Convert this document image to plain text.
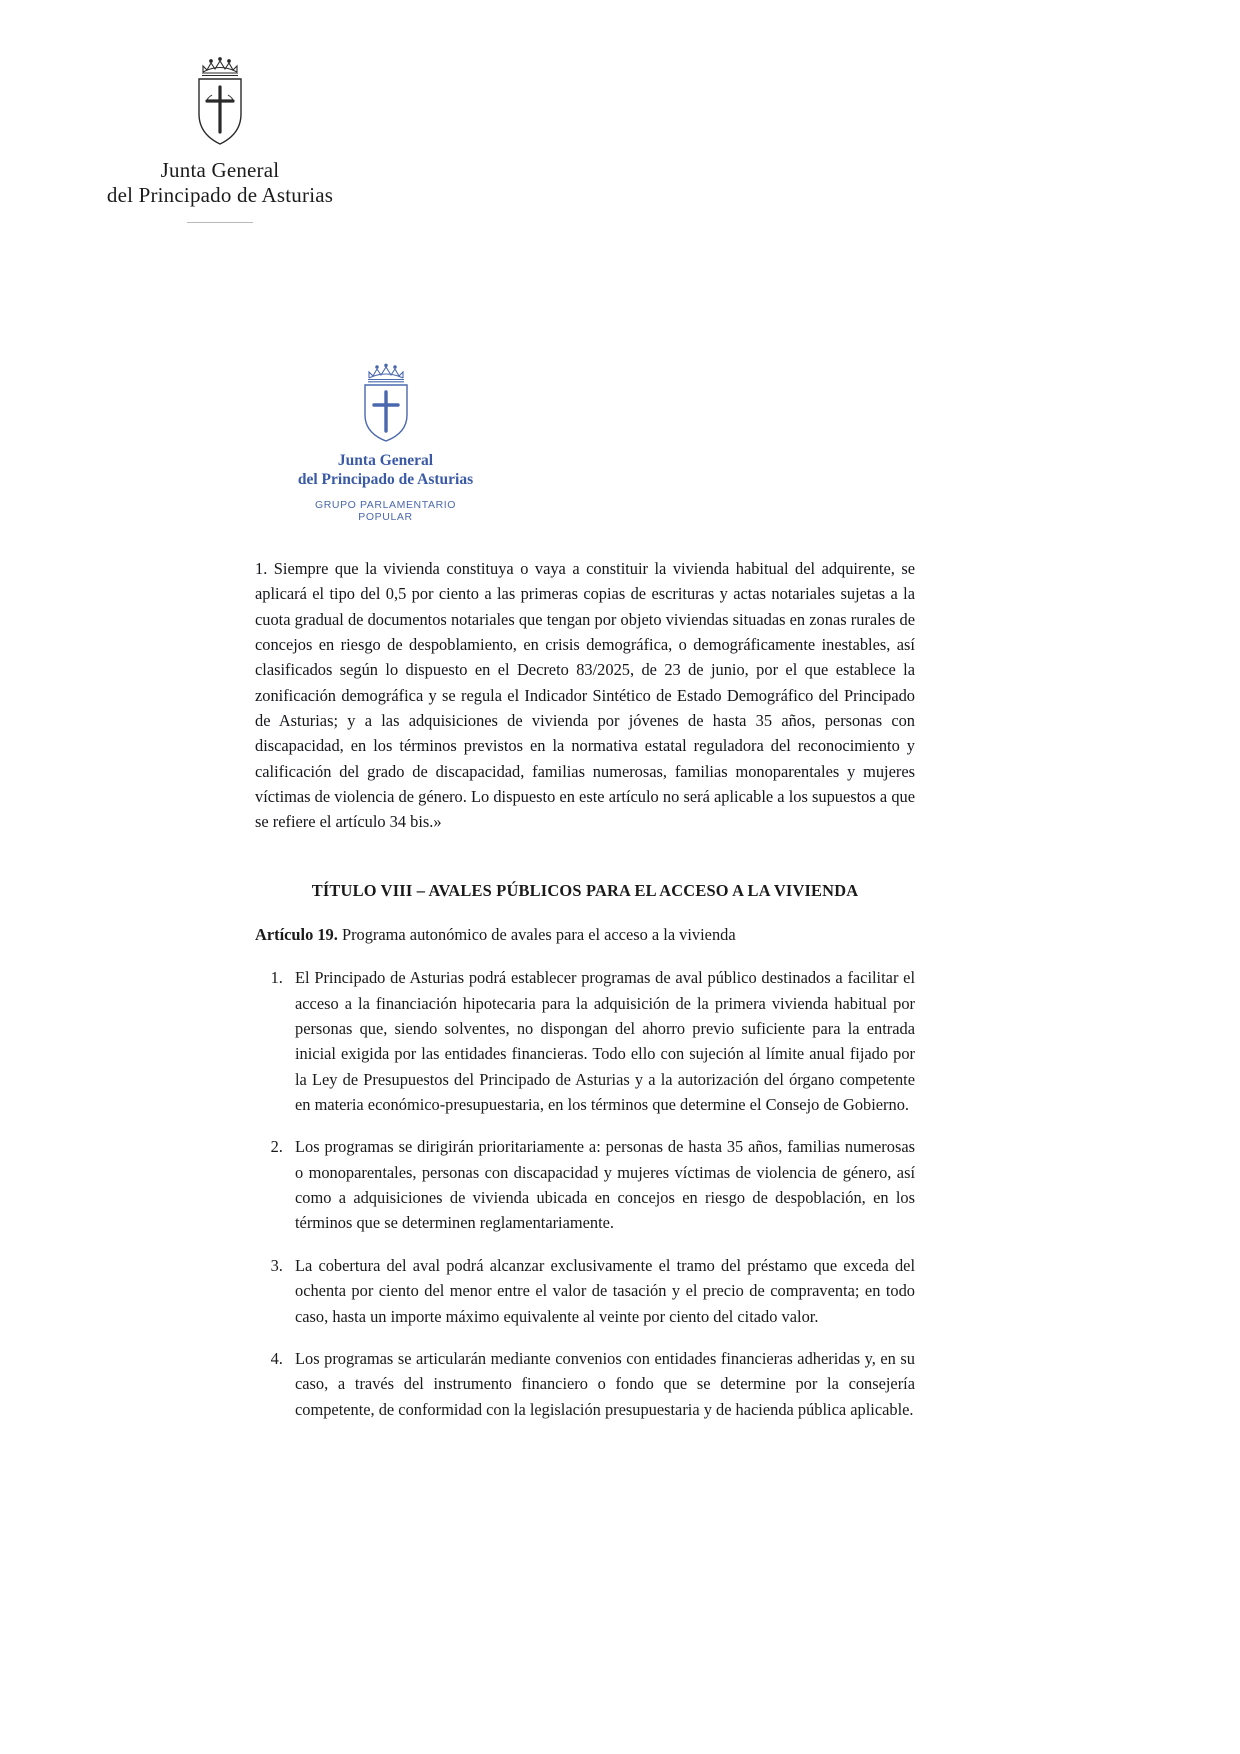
Junta General
del Principado de Asturias
Junta General
del Principado de Asturias
GRUPO PARLAMENTARIO
POPULAR

1. Siempre que la vivienda constituya o vaya a constituir la vivienda habitual del adquirente, se aplicará el tipo del 0,5 por ciento a las primeras copias de escrituras y actas notariales sujetas a la cuota gradual de documentos notariales que tengan por objeto viviendas situadas en zonas rurales de concejos en riesgo de despoblamiento, en crisis demográfica, o demográficamente inestables, así clasificados según lo dispuesto en el Decreto 83/2025, de 23 de junio, por el que establece la zonificación demográfica y se regula el Indicador Sintético de Estado Demográfico del Principado de Asturias; y a las adquisiciones de vivienda por jóvenes de hasta 35 años, personas con discapacidad, en los términos previstos en la normativa estatal reguladora del reconocimiento y calificación del grado de discapacidad, familias numerosas, familias monoparentales y mujeres víctimas de violencia de género. Lo dispuesto en este artículo no será aplicable a los supuestos a que se refiere el artículo 34 bis.»

TÍTULO VIII – AVALES PÚBLICOS PARA EL ACCESO A LA VIVIENDA

Artículo 19. Programa autonómico de avales para el acceso a la vivienda

1. El Principado de Asturias podrá establecer programas de aval público destinados a facilitar el acceso a la financiación hipotecaria para la adquisición de la primera vivienda habitual por personas que, siendo solventes, no dispongan del ahorro previo suficiente para la entrada inicial exigida por las entidades financieras. Todo ello con sujeción al límite anual fijado por la Ley de Presupuestos del Principado de Asturias y a la autorización del órgano competente en materia económico-presupuestaria, en los términos que determine el Consejo de Gobierno.
2. Los programas se dirigirán prioritariamente a: personas de hasta 35 años, familias numerosas o monoparentales, personas con discapacidad y mujeres víctimas de violencia de género, así como a adquisiciones de vivienda ubicada en concejos en riesgo de despoblación, en los términos que se determinen reglamentariamente.
3. La cobertura del aval podrá alcanzar exclusivamente el tramo del préstamo que exceda del ochenta por ciento del menor entre el valor de tasación y el precio de compraventa; en todo caso, hasta un importe máximo equivalente al veinte por ciento del citado valor.
4. Los programas se articularán mediante convenios con entidades financieras adheridas y, en su caso, a través del instrumento financiero o fondo que se determine por la consejería competente, de conformidad con la legislación presupuestaria y de hacienda pública aplicable.
